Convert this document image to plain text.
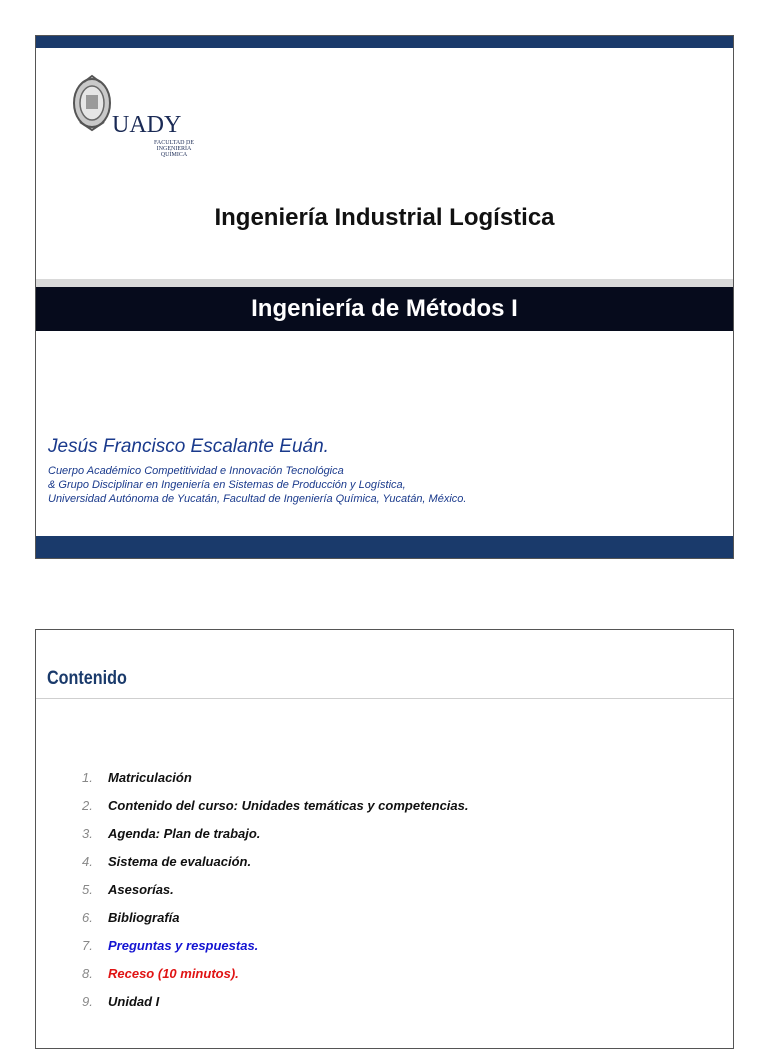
UADY
FACULTAD DE
INGENIERÍA
QUÍMICA
Ingeniería Industrial Logística
Ingeniería de Métodos I
Jesús Francisco Escalante Euán.
Cuerpo Académico Competitividad e Innovación Tecnológica
& Grupo Disciplinar en Ingeniería en Sistemas de Producción y Logística,
Universidad Autónoma de Yucatán, Facultad de Ingeniería Química, Yucatán, México.
Contenido
1. Matriculación
2. Contenido del curso: Unidades temáticas y competencias.
3. Agenda: Plan de trabajo.
4. Sistema de evaluación.
5. Asesorías.
6. Bibliografía
7. Preguntas y respuestas.
8. Receso (10 minutos).
9. Unidad I
